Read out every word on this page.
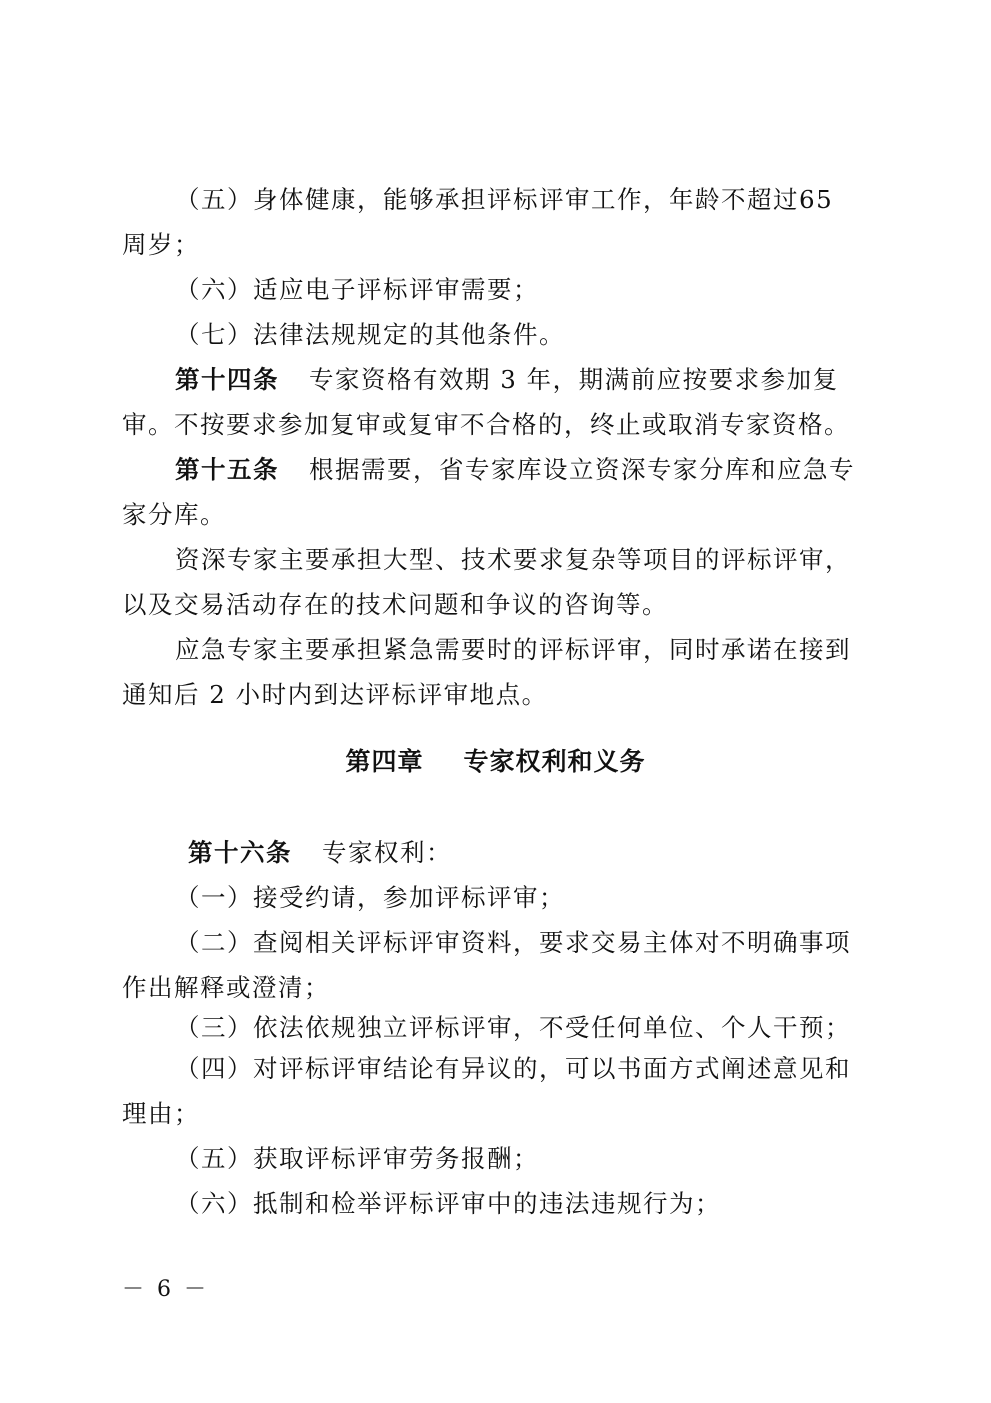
（五）身体健康，能够承担评标评审工作，年龄不超过65
周岁；
（六）适应电子评标评审需要；
（七）法律法规规定的其他条件。
第十四条 专家资格有效期 3 年，期满前应按要求参加复
审。不按要求参加复审或复审不合格的，终止或取消专家资格。
第十五条 根据需要，省专家库设立资深专家分库和应急专
家分库。
资深专家主要承担大型、技术要求复杂等项目的评标评审，
以及交易活动存在的技术问题和争议的咨询等。
应急专家主要承担紧急需要时的评标评审，同时承诺在接到
通知后 2 小时内到达评标评审地点。
第四章 专家权利和义务
第十六条 专家权利：
（一）接受约请，参加评标评审；
（二）查阅相关评标评审资料，要求交易主体对不明确事项
作出解释或澄清；
（三）依法依规独立评标评审，不受任何单位、个人干预；
（四）对评标评审结论有异议的，可以书面方式阐述意见和
理由；
（五）获取评标评审劳务报酬；
（六）抵制和检举评标评审中的违法违规行为；
－ 6 －
